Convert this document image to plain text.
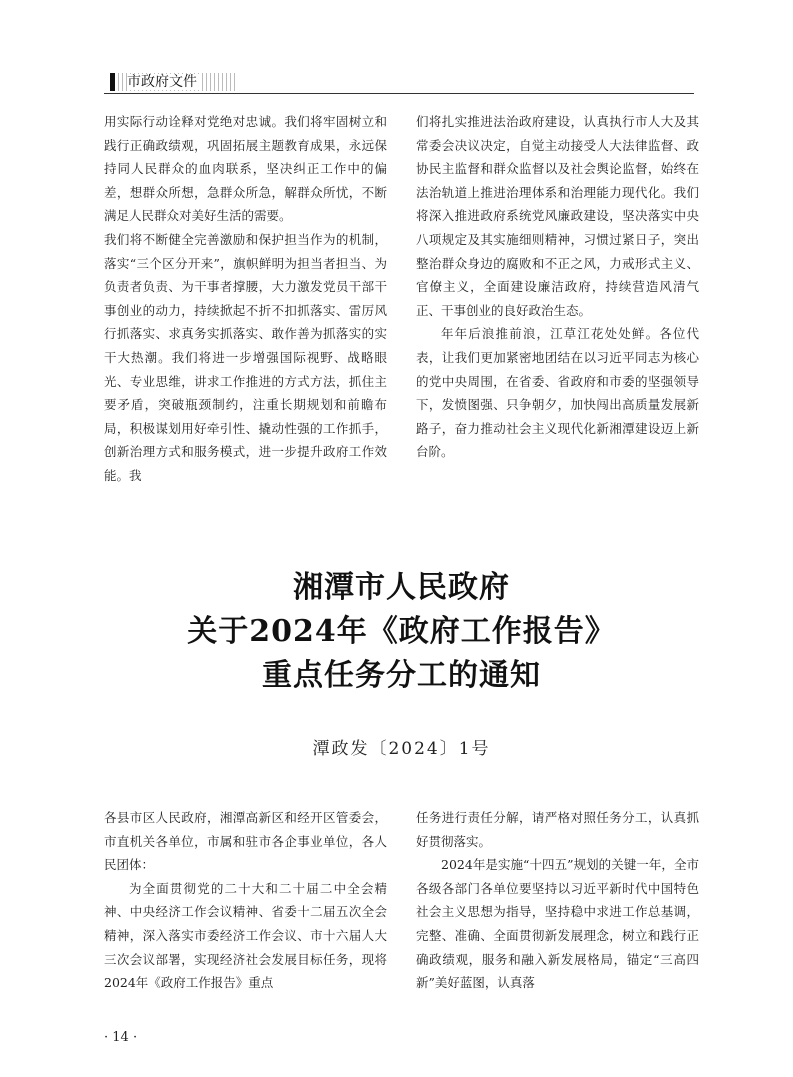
市政府文件

用实际行动诠释对党绝对忠诚。我们将牢固树立和践行正确政绩观，巩固拓展主题教育成果，永远保持同人民群众的血肉联系，坚决纠正工作中的偏差，想群众所想，急群众所急，解群众所忧，不断满足人民群众对美好生活的需要。

我们将不断健全完善激励和保护担当作为的机制，落实“三个区分开来”，旗帜鲜明为担当者担当、为负责者负责、为干事者撑腰，大力激发党员干部干事创业的动力，持续掀起不折不扣抓落实、雷厉风行抓落实、求真务实抓落实、敢作善为抓落实的实干大热潮。我们将进一步增强国际视野、战略眼光、专业思维，讲求工作推进的方式方法，抓住主要矛盾，突破瓶颈制约，注重长期规划和前瞻布局，积极谋划用好牵引性、撬动性强的工作抓手，创新治理方式和服务模式，进一步提升政府工作效能。我

们将扎实推进法治政府建设，认真执行市人大及其常委会决议决定，自觉主动接受人大法律监督、政协民主监督和群众监督以及社会舆论监督，始终在法治轨道上推进治理体系和治理能力现代化。我们将深入推进政府系统党风廉政建设，坚决落实中央八项规定及其实施细则精神，习惯过紧日子，突出整治群众身边的腐败和不正之风，力戒形式主义、官僚主义，全面建设廉洁政府，持续营造风清气正、干事创业的良好政治生态。

年年后浪推前浪，江草江花处处鲜。各位代表，让我们更加紧密地团结在以习近平同志为核心的党中央周围，在省委、省政府和市委的坚强领导下，发愤图强、只争朝夕，加快闯出高质量发展新路子，奋力推动社会主义现代化新湘潭建设迈上新台阶。

湘潭市人民政府
关于2024年《政府工作报告》
重点任务分工的通知
潭政发〔2024〕1号

各县市区人民政府，湘潭高新区和经开区管委会，市直机关各单位，市属和驻市各企事业单位，各人民团体：

为全面贯彻党的二十大和二十届二中全会精神、中央经济工作会议精神、省委十二届五次全会精神，深入落实市委经济工作会议、市十六届人大三次会议部署，实现经济社会发展目标任务，现将2024年《政府工作报告》重点

任务进行责任分解，请严格对照任务分工，认真抓好贯彻落实。

2024年是实施“十四五”规划的关键一年，全市各级各部门各单位要坚持以习近平新时代中国特色社会主义思想为指导，坚持稳中求进工作总基调，完整、准确、全面贯彻新发展理念，树立和践行正确政绩观，服务和融入新发展格局，锚定“三高四新”美好蓝图，认真落

· 14 ·
